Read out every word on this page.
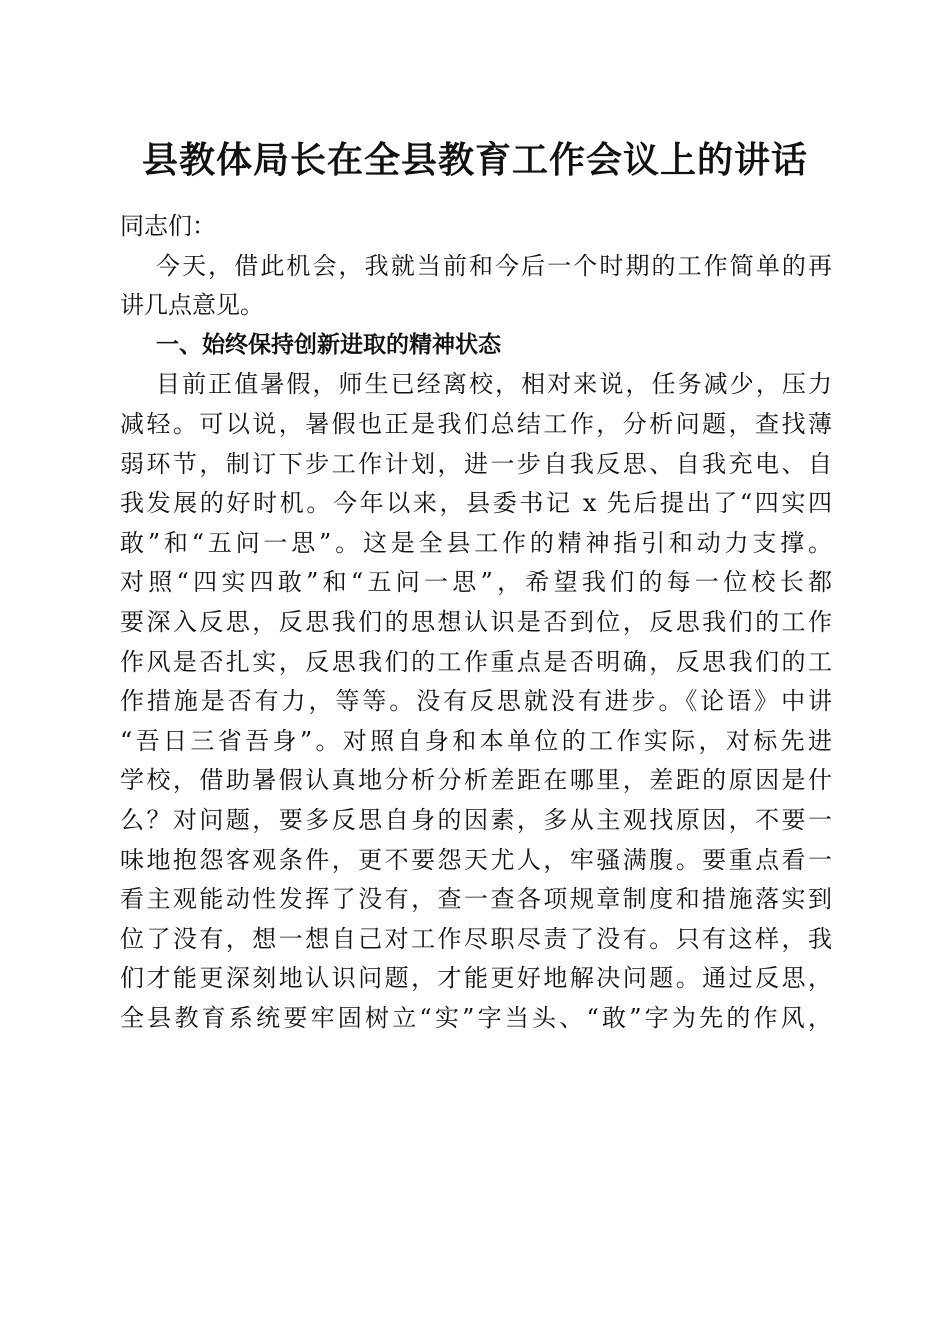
县教体局长在全县教育工作会议上的讲话
同志们：
今天，借此机会，我就当前和今后一个时期的工作简单的再
讲几点意见。
一、始终保持创新进取的精神状态
目前正值暑假，师生已经离校，相对来说，任务减少，压力
减轻。可以说，暑假也正是我们总结工作，分析问题，查找薄
弱环节，制订下步工作计划，进一步自我反思、自我充电、自
我发展的好时机。今年以来，县委书记 x 先后提出了“四实四
敢”和“五问一思”。这是全县工作的精神指引和动力支撑。
对照“四实四敢”和“五问一思”，希望我们的每一位校长都
要深入反思，反思我们的思想认识是否到位，反思我们的工作
作风是否扎实，反思我们的工作重点是否明确，反思我们的工
作措施是否有力，等等。没有反思就没有进步。《论语》中讲
“吾日三省吾身”。对照自身和本单位的工作实际，对标先进
学校，借助暑假认真地分析分析差距在哪里，差距的原因是什
么？对问题，要多反思自身的因素，多从主观找原因，不要一
味地抱怨客观条件，更不要怨天尤人，牢骚满腹。要重点看一
看主观能动性发挥了没有，查一查各项规章制度和措施落实到
位了没有，想一想自己对工作尽职尽责了没有。只有这样，我
们才能更深刻地认识问题，才能更好地解决问题。通过反思，
全县教育系统要牢固树立“实”字当头、“敢”字为先的作风，
